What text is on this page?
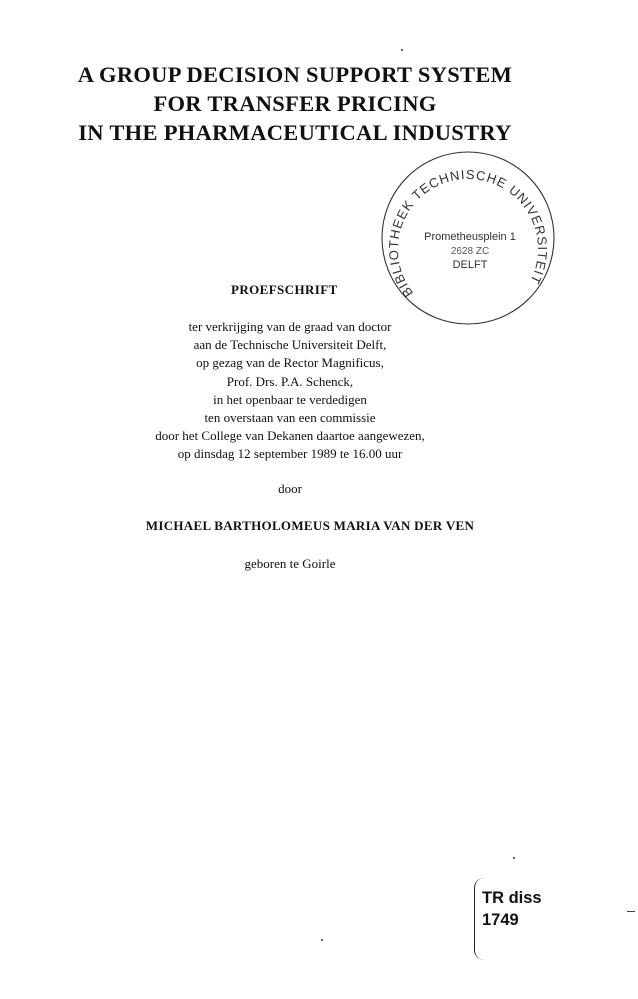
A GROUP DECISION SUPPORT SYSTEM
FOR TRANSFER PRICING
IN THE PHARMACEUTICAL INDUSTRY
BIBLIOTHEEK TECHNISCHE UNIVERSITEIT
Prometheusplein 1
2628 ZC
DELFT
PROEFSCHRIFT
ter verkrijging van de graad van doctor
aan de Technische Universiteit Delft,
op gezag van de Rector Magnificus,
Prof. Drs. P.A. Schenck,
in het openbaar te verdedigen
ten overstaan van een commissie
door het College van Dekanen daartoe aangewezen,
op dinsdag 12 september 1989 te 16.00 uur
door
MICHAEL BARTHOLOMEUS MARIA VAN DER VEN
geboren te Goirle
TR diss
1749
